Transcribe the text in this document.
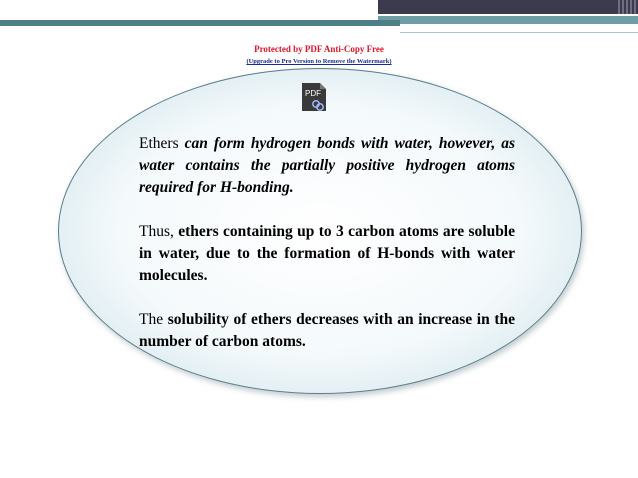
Protected by PDF Anti-Copy Free
(Upgrade to Pro Version to Remove the Watermark)
PDF

Ethers can form hydrogen bonds with water, however, as water contains the partially positive hydrogen atoms required for H-bonding.

Thus, ethers containing up to 3 carbon atoms are soluble in water, due to the formation of H-bonds with water molecules.

The solubility of ethers decreases with an increase in the number of carbon atoms.
